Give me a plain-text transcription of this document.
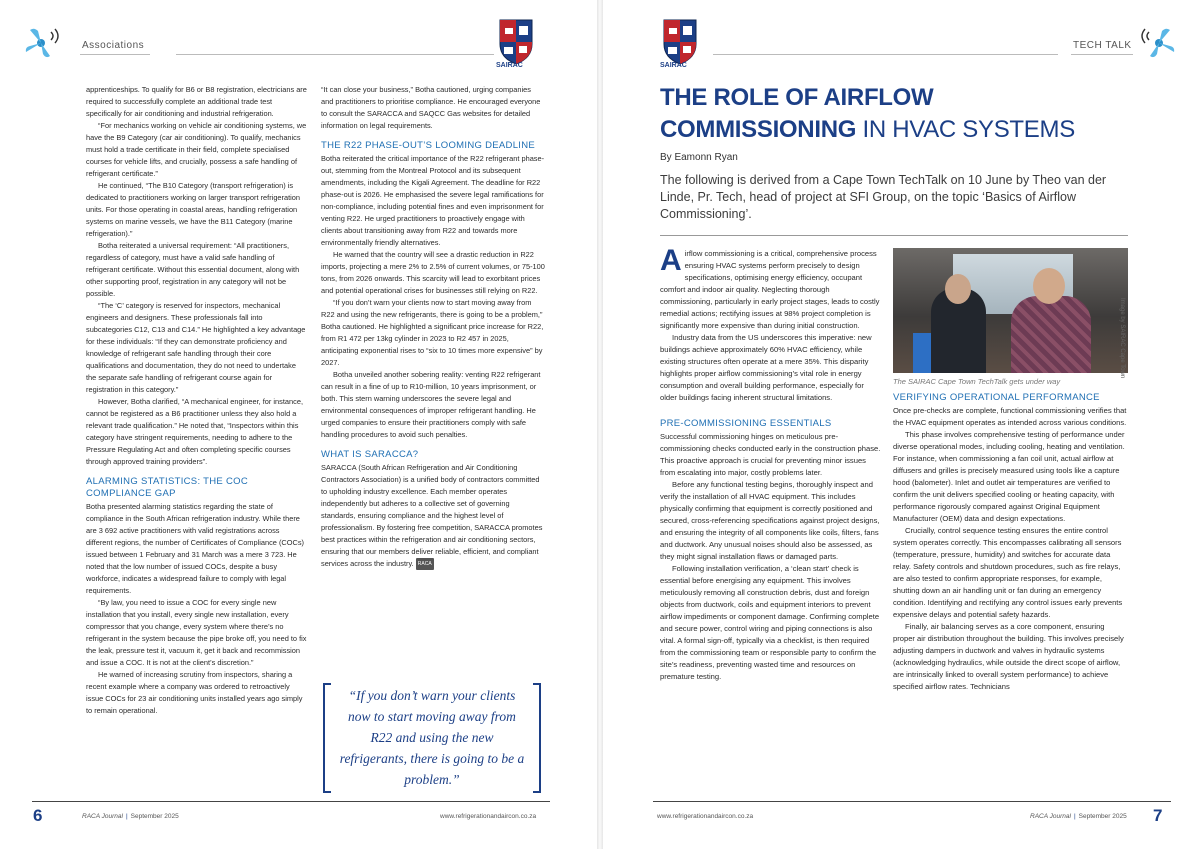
Associations
SAIRAC

apprenticeships. To qualify for B6 or B8 registration, electricians are required to successfully complete an additional trade test specifically for air conditioning and industrial refrigeration.

“For mechanics working on vehicle air conditioning systems, we have the B9 Category (car air conditioning). To qualify, mechanics must hold a trade certificate in their field, complete specialised courses for vehicle lifts, and crucially, possess a safe handling of refrigerant certificate.”

He continued, “The B10 Category (transport refrigeration) is dedicated to practitioners working on larger transport refrigeration units. For those operating in coastal areas, handling refrigeration systems on marine vessels, we have the B11 Category (marine refrigeration).”

Botha reiterated a universal requirement: “All practitioners, regardless of category, must have a valid safe handling of refrigerant certificate. Without this essential document, along with other supporting proof, registration in any category will not be possible.

“The ‘C’ category is reserved for inspectors, mechanical engineers and designers. These professionals fall into subcategories C12, C13 and C14.” He highlighted a key advantage for these individuals: “If they can demonstrate proficiency and knowledge of refrigerant safe handling through their core qualifications and documentation, they do not need to undertake the separate safe handling of refrigerant course again for registration in this category.”

However, Botha clarified, “A mechanical engineer, for instance, cannot be registered as a B6 practitioner unless they also hold a relevant trade qualification.” He noted that, “Inspectors within this category have stringent requirements, needing to adhere to the Pressure Regulating Act and often completing specific courses through approved training providers”.

ALARMING STATISTICS: THE COC COMPLIANCE GAP

Botha presented alarming statistics regarding the state of compliance in the South African refrigeration industry. While there are 3 692 active practitioners with valid registrations across different regions, the number of Certificates of Compliance (COCs) issued between 1 February and 31 March was a mere 3 723. He noted that the low number of issued COCs, despite a busy workforce, indicates a widespread failure to comply with legal requirements.

“By law, you need to issue a COC for every single new installation that you install, every single new installation, every compressor that you change, every system where there’s no refrigerant in the system because the pipe broke off, you need to fix the leak, pressure test it, vacuum it, get it back and recommission and issue a COC. It is not at the client’s discretion.”

He warned of increasing scrutiny from inspectors, sharing a recent example where a company was ordered to retroactively issue COCs for 23 air conditioning units installed years ago simply to remain operational.

“It can close your business,” Botha cautioned, urging companies and practitioners to prioritise compliance. He encouraged everyone to consult the SARACCA and SAQCC Gas websites for detailed information on legal requirements.

THE R22 PHASE-OUT’S LOOMING DEADLINE

Botha reiterated the critical importance of the R22 refrigerant phase-out, stemming from the Montreal Protocol and its subsequent amendments, including the Kigali Agreement. The deadline for R22 phase-out is 2026. He emphasised the severe legal ramifications for non-compliance, including potential fines and even imprisonment for venting R22. He urged practitioners to proactively engage with clients about transitioning away from R22 and towards more environmentally friendly alternatives.

He warned that the country will see a drastic reduction in R22 imports, projecting a mere 2% to 2.5% of current volumes, or 75-100 tons, from 2026 onwards. This scarcity will lead to exorbitant prices and potential operational crises for businesses still relying on R22.

“If you don’t warn your clients now to start moving away from R22 and using the new refrigerants, there is going to be a problem,” Botha cautioned. He highlighted a significant price increase for R22, from R1 472 per 13kg cylinder in 2023 to R2 457 in 2025, anticipating exponential rises to “six to 10 times more expensive” by 2027.

Botha unveiled another sobering reality: venting R22 refrigerant can result in a fine of up to R10-million, 10 years imprisonment, or both. This stern warning underscores the severe legal and environmental consequences of improper refrigerant handling. He urged companies to ensure their practitioners comply with safe handling procedures to avoid such penalties.

WHAT IS SARACCA?

SARACCA (South African Refrigeration and Air Conditioning Contractors Association) is a unified body of contractors committed to upholding industry excellence. Each member operates independently but adheres to a collective set of governing standards, ensuring compliance and the highest level of professionalism. By fostering free competition, SARACCA promotes best practices within the refrigeration and air conditioning sectors, ensuring that our members deliver reliable, efficient, and compliant services across the industry. RACA

“If you don’t warn your clients now to start moving away from R22 and using the new refrigerants, there is going to be a problem.”
6	RACA Journal | September 2025	www.refrigerationandaircon.co.za
SAIRAC
TECH TALK
THE ROLE OF AIRFLOW
COMMISSIONING IN HVAC SYSTEMS
By Eamonn Ryan
The following is derived from a Cape Town TechTalk on 10 June by Theo van der Linde, Pr. Tech, head of project at SFI Group, on the topic ‘Basics of Airflow Commissioning’.

Airflow commissioning is a critical, comprehensive process ensuring HVAC systems perform precisely to design specifications, optimising energy efficiency, occupant comfort and indoor air quality. Neglecting thorough commissioning, particularly in early project stages, leads to costly remedial actions; rectifying issues at 98% project completion is significantly more expensive than during initial construction.

Industry data from the US underscores this imperative: new buildings achieve approximately 60% HVAC efficiency, while existing structures often operate at a mere 35%. This disparity highlights proper airflow commissioning’s vital role in energy consumption and overall building performance, especially for older buildings facing inherent structural limitations.

PRE-COMMISSIONING ESSENTIALS

Successful commissioning hinges on meticulous pre-commissioning checks conducted early in the construction phase. This proactive approach is crucial for preventing minor issues from escalating into major, costly problems later.

Before any functional testing begins, thoroughly inspect and verify the installation of all HVAC equipment. This includes physically confirming that equipment is correctly positioned and secured, cross-referencing specifications against project designs, and ensuring the integrity of all components like coils, filters, fans and ductwork. Any unusual noises should also be assessed, as they might signal installation flaws or damaged parts.

Following installation verification, a ‘clean start’ check is essential before energising any equipment. This involves meticulously removing all construction debris, dust and foreign objects from ductwork, coils and equipment interiors to prevent airflow impediments or component damage. Confirming complete and secure power, control wiring and piping connections is also vital. A formal sign-off, typically via a checklist, is then required from the commissioning team or responsible party to confirm the site’s readiness, preventing wasted time and resources on premature testing.

Image by SAIRAC Cape Town
The SAIRAC Cape Town TechTalk gets under way
VERIFYING OPERATIONAL PERFORMANCE

Once pre-checks are complete, functional commissioning verifies that the HVAC equipment operates as intended across various conditions.

This phase involves comprehensive testing of performance under diverse operational modes, including cooling, heating and ventilation. For instance, when commissioning a fan coil unit, actual airflow at diffusers and grilles is precisely measured using tools like a capture hood (balometer). Inlet and outlet air temperatures are verified to confirm the unit delivers specified cooling or heating capacity, with performance rigorously compared against Original Equipment Manufacturer (OEM) data and design expectations.

Crucially, control sequence testing ensures the entire control system operates correctly. This encompasses calibrating all sensors (temperature, pressure, humidity) and switches for accurate data relay. Safety controls and shutdown procedures, such as fire relays, are also tested to confirm appropriate responses, for example, shutting down an air handling unit or fan during an emergency condition. Identifying and rectifying any control issues early prevents expensive delays and potential safety hazards.

Finally, air balancing serves as a core component, ensuring proper air distribution throughout the building. This involves precisely adjusting dampers in ductwork and valves in hydraulic systems (acknowledging hydraulics, while outside the direct scope of airflow, are intrinsically linked to overall system performance) to achieve specified airflow rates. Technicians

www.refrigerationandaircon.co.za	RACA Journal | September 2025 7
